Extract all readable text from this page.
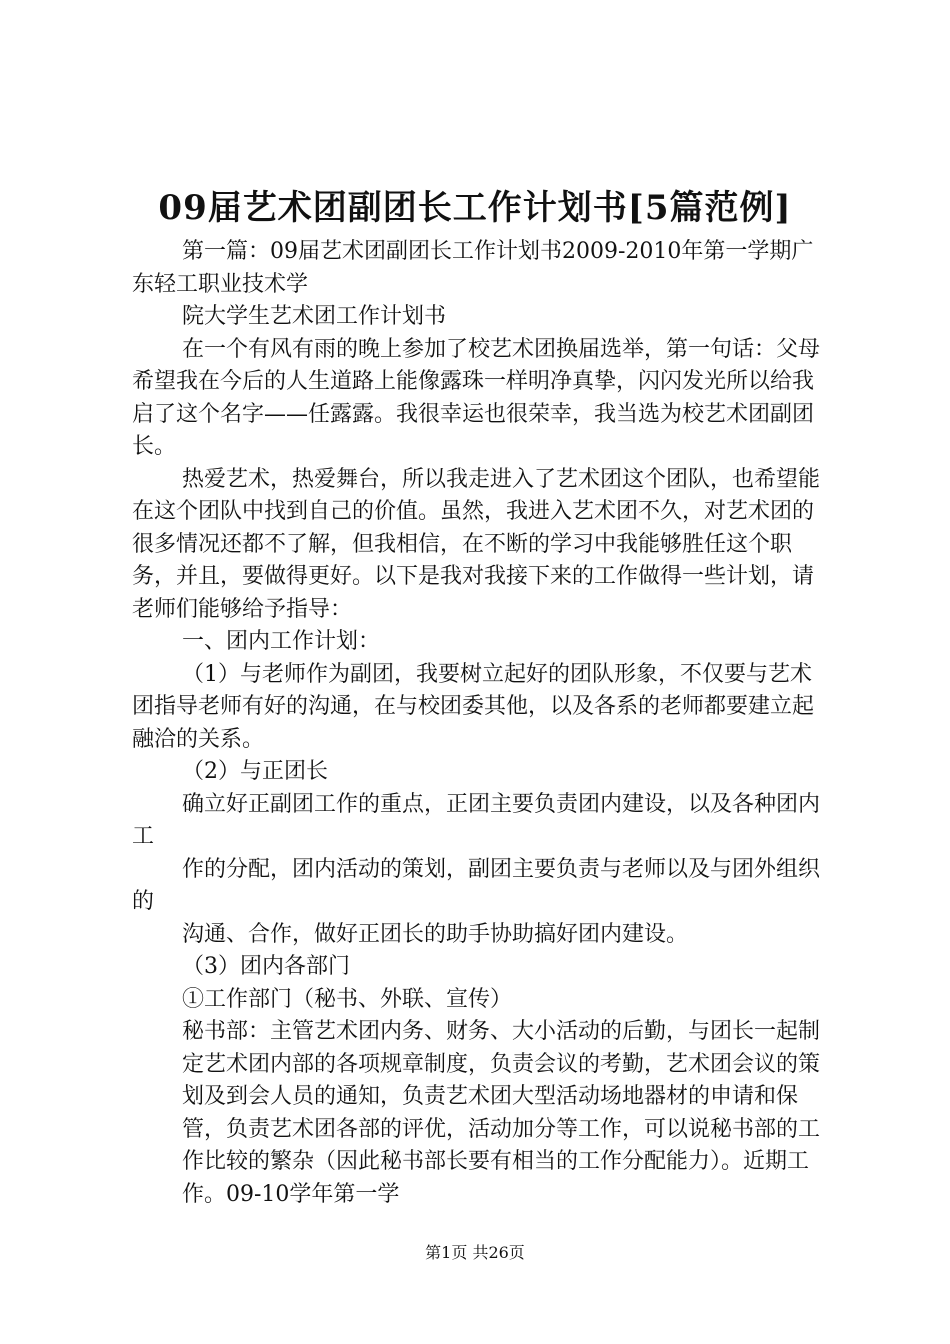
09届艺术团副团长工作计划书[5篇范例]

第一篇：09届艺术团副团长工作计划书2009-2010年第一学期广东轻工职业技术学

院大学生艺术团工作计划书

在一个有风有雨的晚上参加了校艺术团换届选举，第一句话：父母希望我在今后的人生道路上能像露珠一样明净真挚，闪闪发光所以给我启了这个名字——任露露。我很幸运也很荣幸，我当选为校艺术团副团长。

热爱艺术，热爱舞台，所以我走进入了艺术团这个团队，也希望能在这个团队中找到自己的价值。虽然，我进入艺术团不久，对艺术团的很多情况还都不了解，但我相信，在不断的学习中我能够胜任这个职务，并且，要做得更好。以下是我对我接下来的工作做得一些计划，请老师们能够给予指导：

一、团内工作计划：

（1）与老师作为副团，我要树立起好的团队形象，不仅要与艺术团指导老师有好的沟通，在与校团委其他，以及各系的老师都要建立起融洽的关系。

（2）与正团长

确立好正副团工作的重点，正团主要负责团内建设，以及各种团内工

作的分配，团内活动的策划，副团主要负责与老师以及与团外组织的

沟通、合作，做好正团长的助手协助搞好团内建设。

（3）团内各部门

①工作部门（秘书、外联、宣传）

秘书部：主管艺术团内务、财务、大小活动的后勤，与团长一起制

定艺术团内部的各项规章制度，负责会议的考勤，艺术团会议的策划及到会人员的通知，负责艺术团大型活动场地器材的申请和保管，负责艺术团各部的评优，活动加分等工作，可以说秘书部的工作比较的繁杂（因此秘书部长要有相当的工作分配能力）。近期工作。09-10学年第一学

第1页 共26页
